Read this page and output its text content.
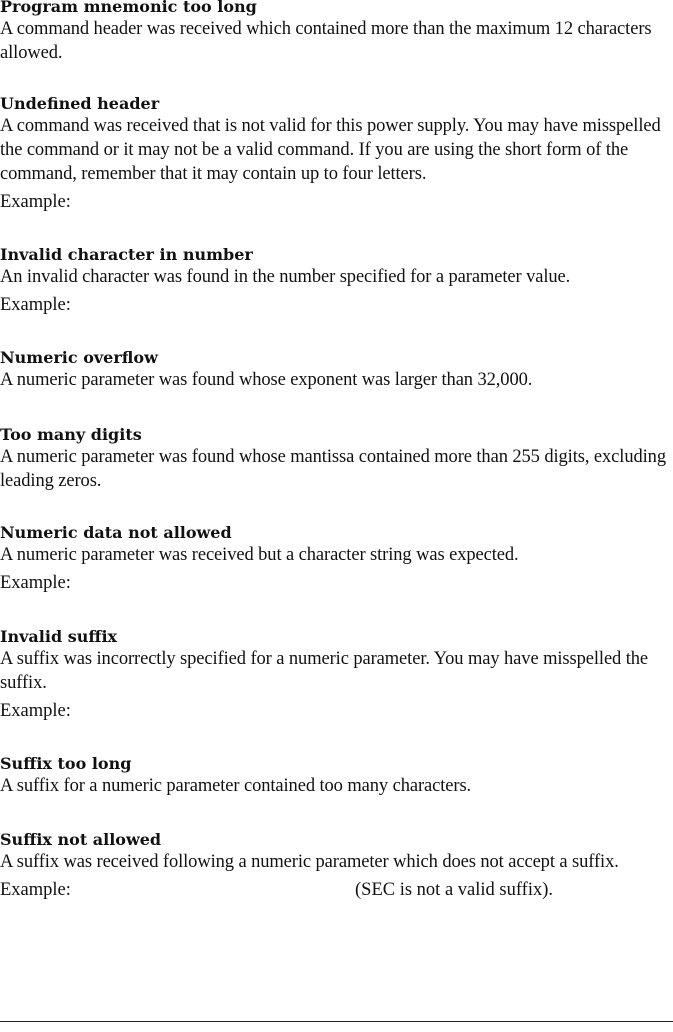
Program mnemonic too long

A command header was received which contained more than the maximum 12 characters allowed.

Undefined header

A command was received that is not valid for this power supply. You may have misspelled the command or it may not be a valid command. If you are using the short form of the command, remember that it may contain up to four letters.

Example:

Invalid character in number

An invalid character was found in the number specified for a parameter value.

Example:

Numeric overflow

A numeric parameter was found whose exponent was larger than 32,000.

Too many digits

A numeric parameter was found whose mantissa contained more than 255 digits, excluding leading zeros.

Numeric data not allowed

A numeric parameter was received but a character string was expected.

Example:

Invalid suffix

A suffix was incorrectly specified for a numeric parameter. You may have misspelled the suffix.

Example:

Suffix too long

A suffix for a numeric parameter contained too many characters.

Suffix not allowed

A suffix was received following a numeric parameter which does not accept a suffix.

Example:	(SEC is not a valid suffix).
